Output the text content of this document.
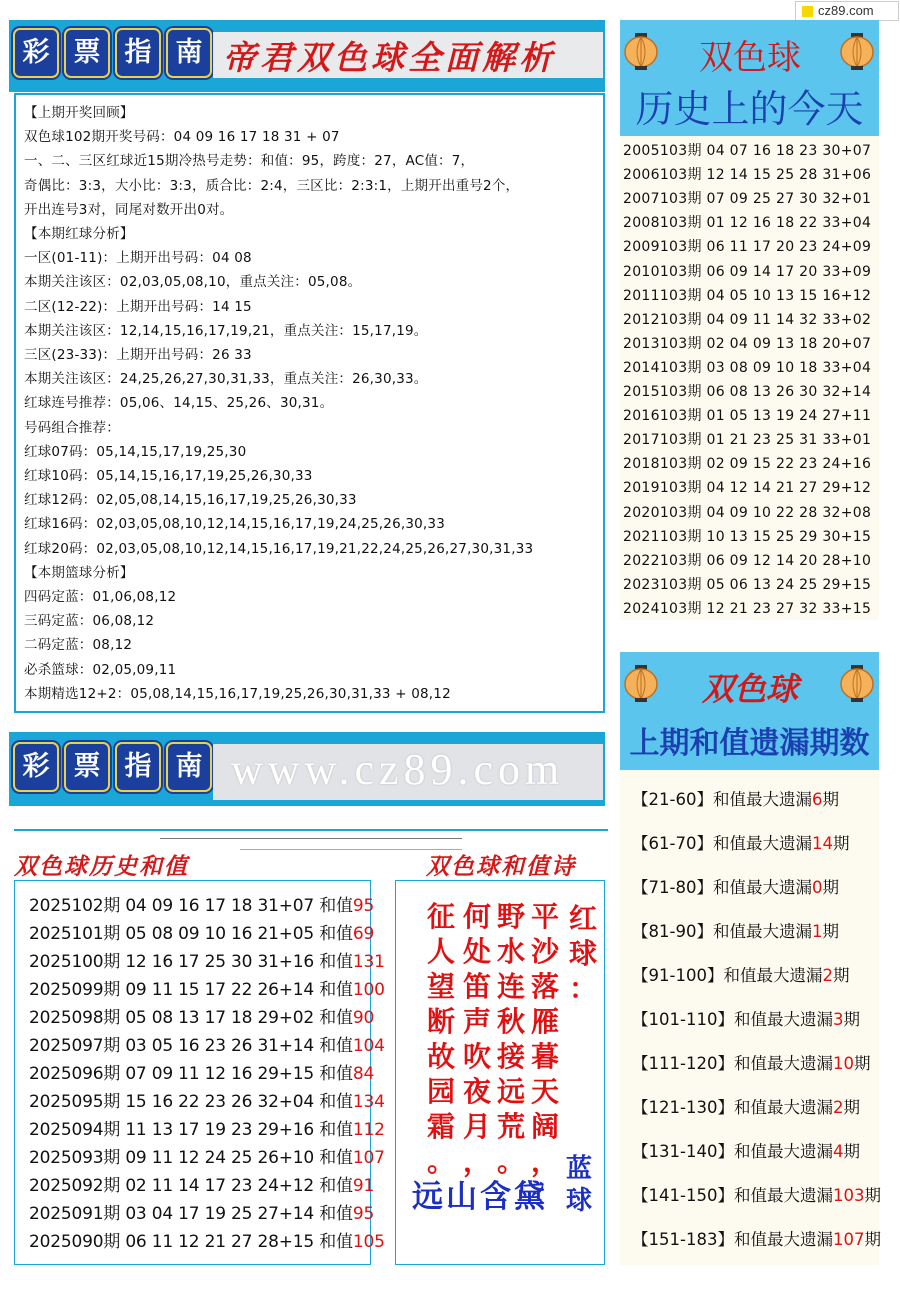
cz89.com
彩 票 指 南 帝君双色球全面解析
【上期开奖回顾】
双色球102期开奖号码：04 09 16 17 18 31 + 07
一、二、三区红球近15期冷热号走势：和值：95，跨度：27，AC值：7，
奇偶比：3:3，大小比：3:3，质合比：2:4，三区比：2:3:1，上期开出重号2个，
开出连号3对，同尾对数开出0对。
【本期红球分析】
一区(01-11)：上期开出号码：04 08
本期关注该区：02,03,05,08,10，重点关注：05,08。
二区(12-22)：上期开出号码：14 15
本期关注该区：12,14,15,16,17,19,21，重点关注：15,17,19。
三区(23-33)：上期开出号码：26 33
本期关注该区：24,25,26,27,30,31,33，重点关注：26,30,33。
红球连号推荐：05,06、14,15、25,26、30,31。
号码组合推荐：
红球07码：05,14,15,17,19,25,30
红球10码：05,14,15,16,17,19,25,26,30,33
红球12码：02,05,08,14,15,16,17,19,25,26,30,33
红球16码：02,03,05,08,10,12,14,15,16,17,19,24,25,26,30,33
红球20码：02,03,05,08,10,12,14,15,16,17,19,21,22,24,25,26,27,30,31,33
【本期篮球分析】
四码定蓝：01,06,08,12
三码定蓝：06,08,12
二码定蓝：08,12
必杀篮球：02,05,09,11
本期精选12+2：05,08,14,15,16,17,19,25,26,30,31,33 + 08,12
彩 票 指 南 www.cz89.com
双色球
历史上的今天
2005103期 04 07 16 18 23 30+07
2006103期 12 14 15 25 28 31+06
2007103期 07 09 25 27 30 32+01
2008103期 01 12 16 18 22 33+04
2009103期 06 11 17 20 23 24+09
2010103期 06 09 14 17 20 33+09
2011103期 04 05 10 13 15 16+12
2012103期 04 09 11 14 32 33+02
2013103期 02 04 09 13 18 20+07
2014103期 03 08 09 10 18 33+04
2015103期 06 08 13 26 30 32+14
2016103期 01 05 13 19 24 27+11
2017103期 01 21 23 25 31 33+01
2018103期 02 09 15 22 23 24+16
2019103期 04 12 14 21 27 29+12
2020103期 04 09 10 22 28 32+08
2021103期 10 13 15 25 29 30+15
2022103期 06 09 12 14 20 28+10
2023103期 05 06 13 24 25 29+15
2024103期 12 21 23 27 32 33+15
双色球
上期和值遗漏期数
【21-60】和值最大遗漏6期
【61-70】和值最大遗漏14期
【71-80】和值最大遗漏0期
【81-90】和值最大遗漏1期
【91-100】和值最大遗漏2期
【101-110】和值最大遗漏3期
【111-120】和值最大遗漏10期
【121-130】和值最大遗漏2期
【131-140】和值最大遗漏4期
【141-150】和值最大遗漏103期
【151-183】和值最大遗漏107期
双色球历史和值	双色球和值诗
2025102期 04 09 16 17 18 31+07 和值95
2025101期 05 08 09 10 16 21+05 和值69
2025100期 12 16 17 25 30 31+16 和值131
2025099期 09 11 15 17 22 26+14 和值100
2025098期 05 08 13 17 18 29+02 和值90
2025097期 03 05 16 23 26 31+14 和值104
2025096期 07 09 11 12 16 29+15 和值84
2025095期 15 16 22 23 26 32+04 和值134
2025094期 11 13 17 19 23 29+16 和值112
2025093期 09 11 12 24 25 26+10 和值107
2025092期 02 11 14 17 23 24+12 和值91
2025091期 03 04 17 19 25 27+14 和值95
2025090期 06 11 12 21 27 28+15 和值105
红
球
：
平
沙
落
雁
暮
天
阔
，
野
水
连
秋
接
远
荒
。
何
处
笛
声
吹
夜
月
，
征
人
望
断
故
园
霜
。
远山含黛
蓝
球
